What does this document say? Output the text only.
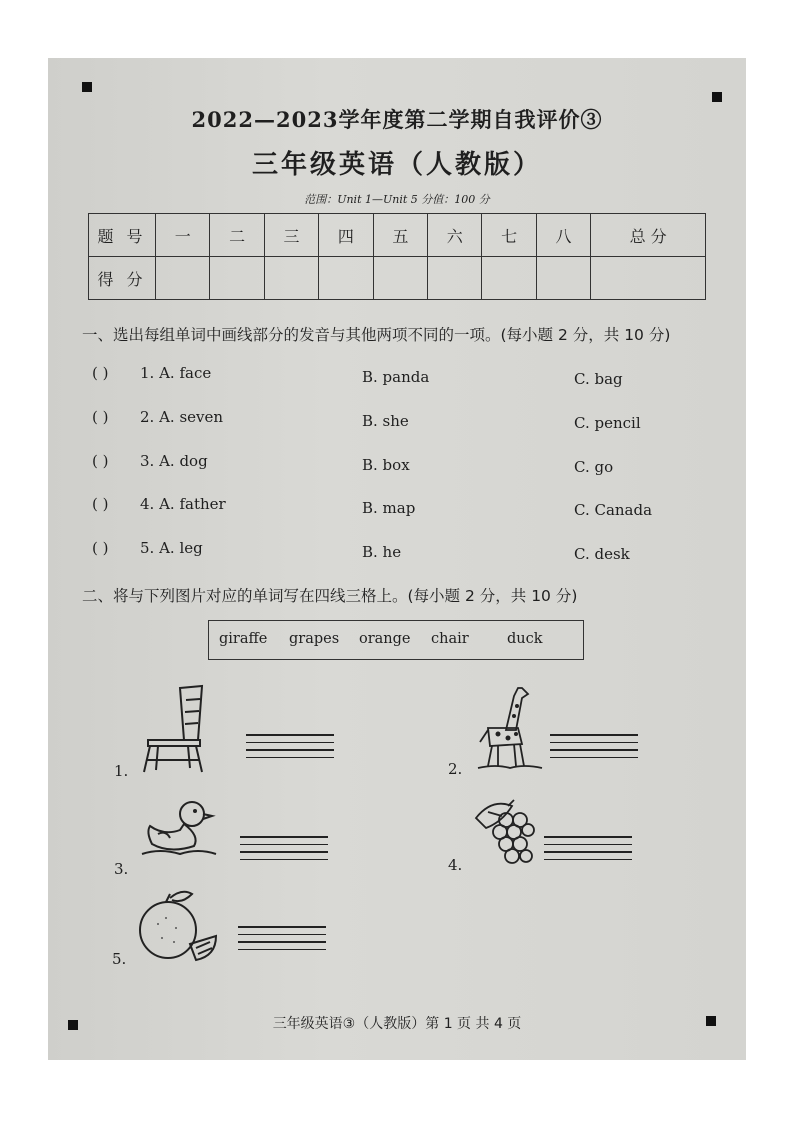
2022—2023学年度第二学期自我评价③
三年级英语（人教版）
范围：Unit 1—Unit 5 分值：100 分
题 号	一	二	三	四	五	六	七	八	总 分
得 分									
一、选出每组单词中画线部分的发音与其他两项不同的一项。(每小题 2 分，共 10 分)
( ) 1. A. face	B. panda	C. bag
( ) 2. A. seven	B. she	C. pencil
( ) 3. A. dog	B. box	C. go
( ) 4. A. father	B. map	C. Canada
( ) 5. A. leg	B. he	C. desk
二、将与下列图片对应的单词写在四线三格上。(每小题 2 分，共 10 分)
giraffe grapes orange chair	duck
1.	2.
3.	4.
5.
三年级英语③（人教版）第 1 页 共 4 页
